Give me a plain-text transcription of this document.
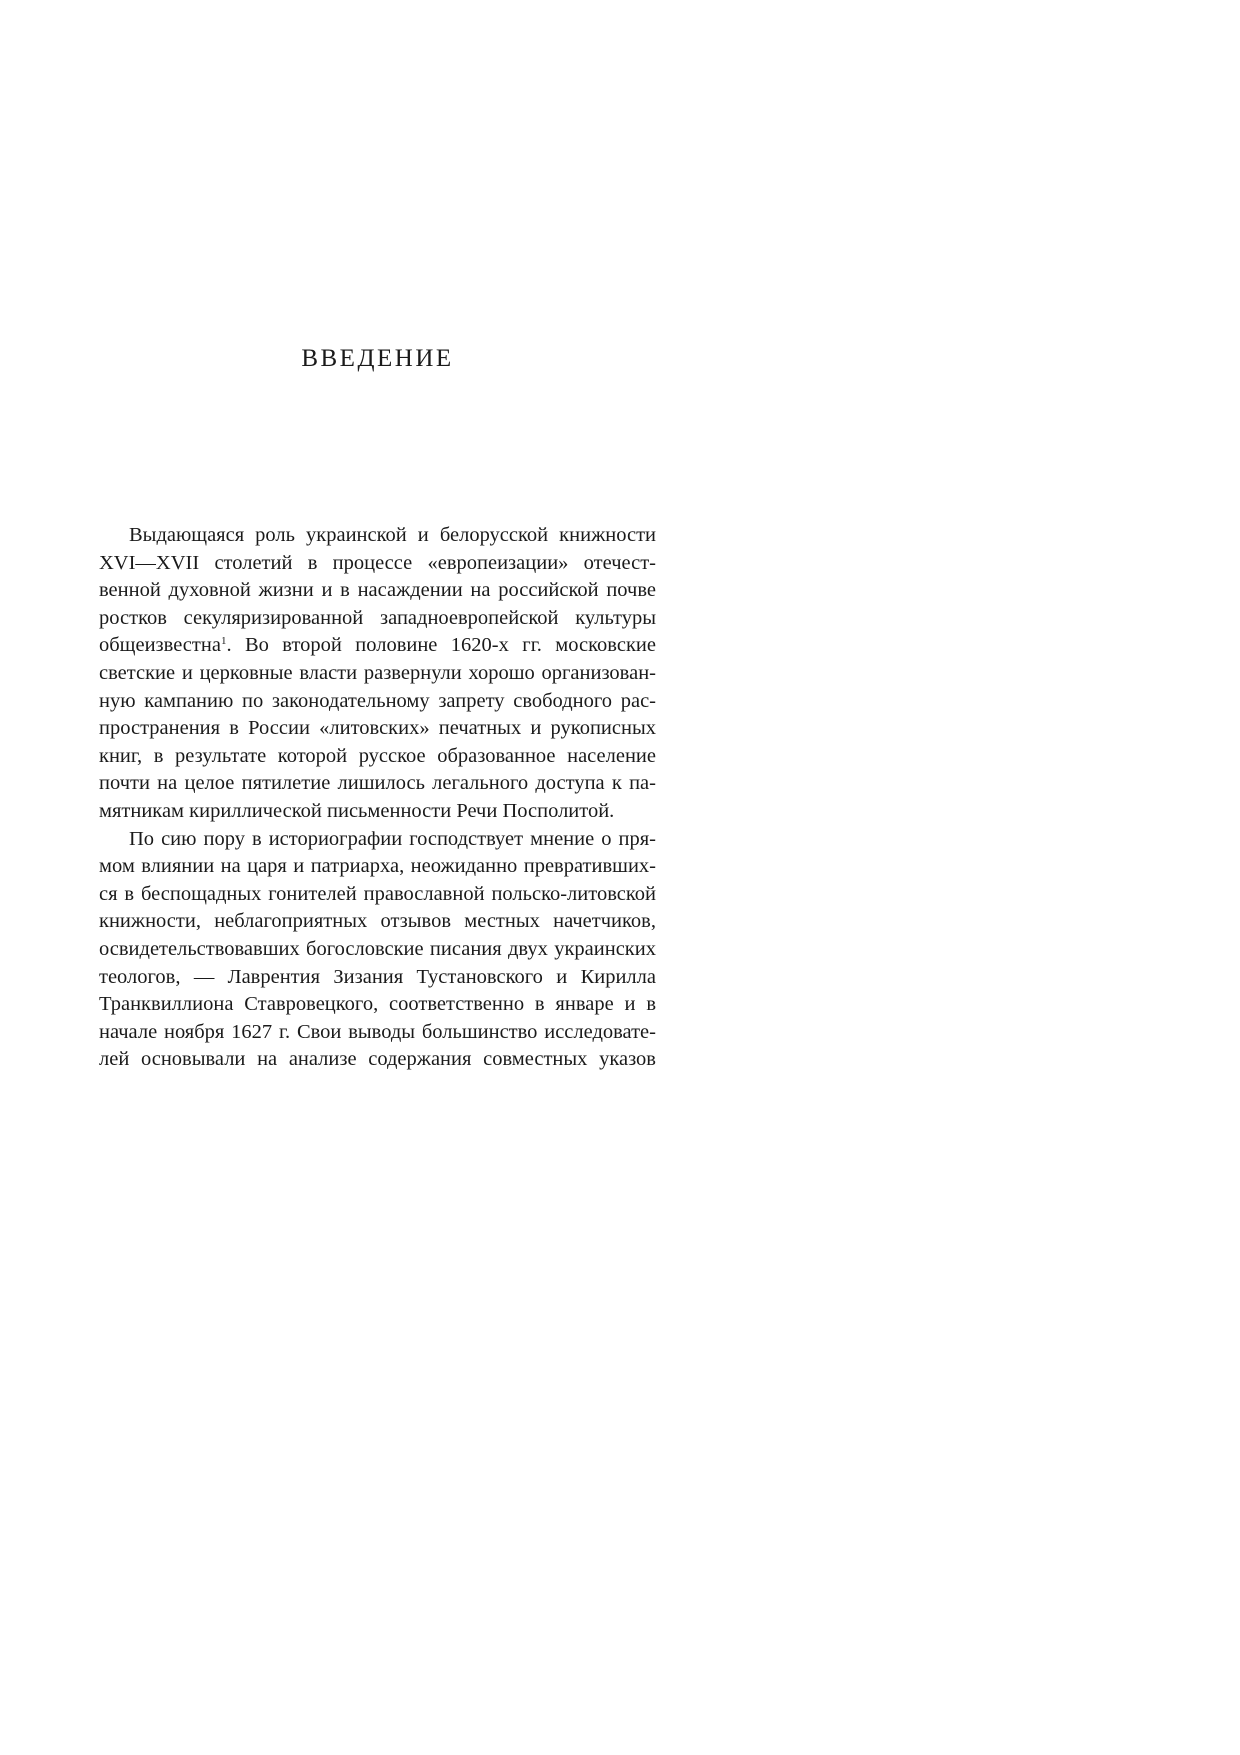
ВВЕДЕНИЕ
Выдающаяся роль украинской и белорусской книжности
XVI—XVII столетий в процессе «европеизации» отечест-
венной духовной жизни и в насаждении на российской почве
ростков секуляризированной западноевропейской культуры
общеизвестна$^1$. Во второй половине 1620-х гг. московские
светские и церковные власти развернули хорошо организован-
ную кампанию по законодательному запрету свободного рас-
пространения в России «литовских» печатных и рукописных
книг, в результате которой русское образованное население
почти на целое пятилетие лишилось легального доступа к па-
мятникам кириллической письменности Речи Посполитой.
По сию пору в историографии господствует мнение о пря-
мом влиянии на царя и патриарха, неожиданно превративших-
ся в беспощадных гонителей православной польско-литовской
книжности, неблагоприятных отзывов местных начетчиков,
освидетельствовавших богословские писания двух украинских
теологов, — Лаврентия Зизания Тустановского и Кирилла
Транквиллиона Ставровецкого, соответственно в январе и в
начале ноября 1627 г. Свои выводы большинство исследовате-
лей основывали на анализе содержания совместных указов
